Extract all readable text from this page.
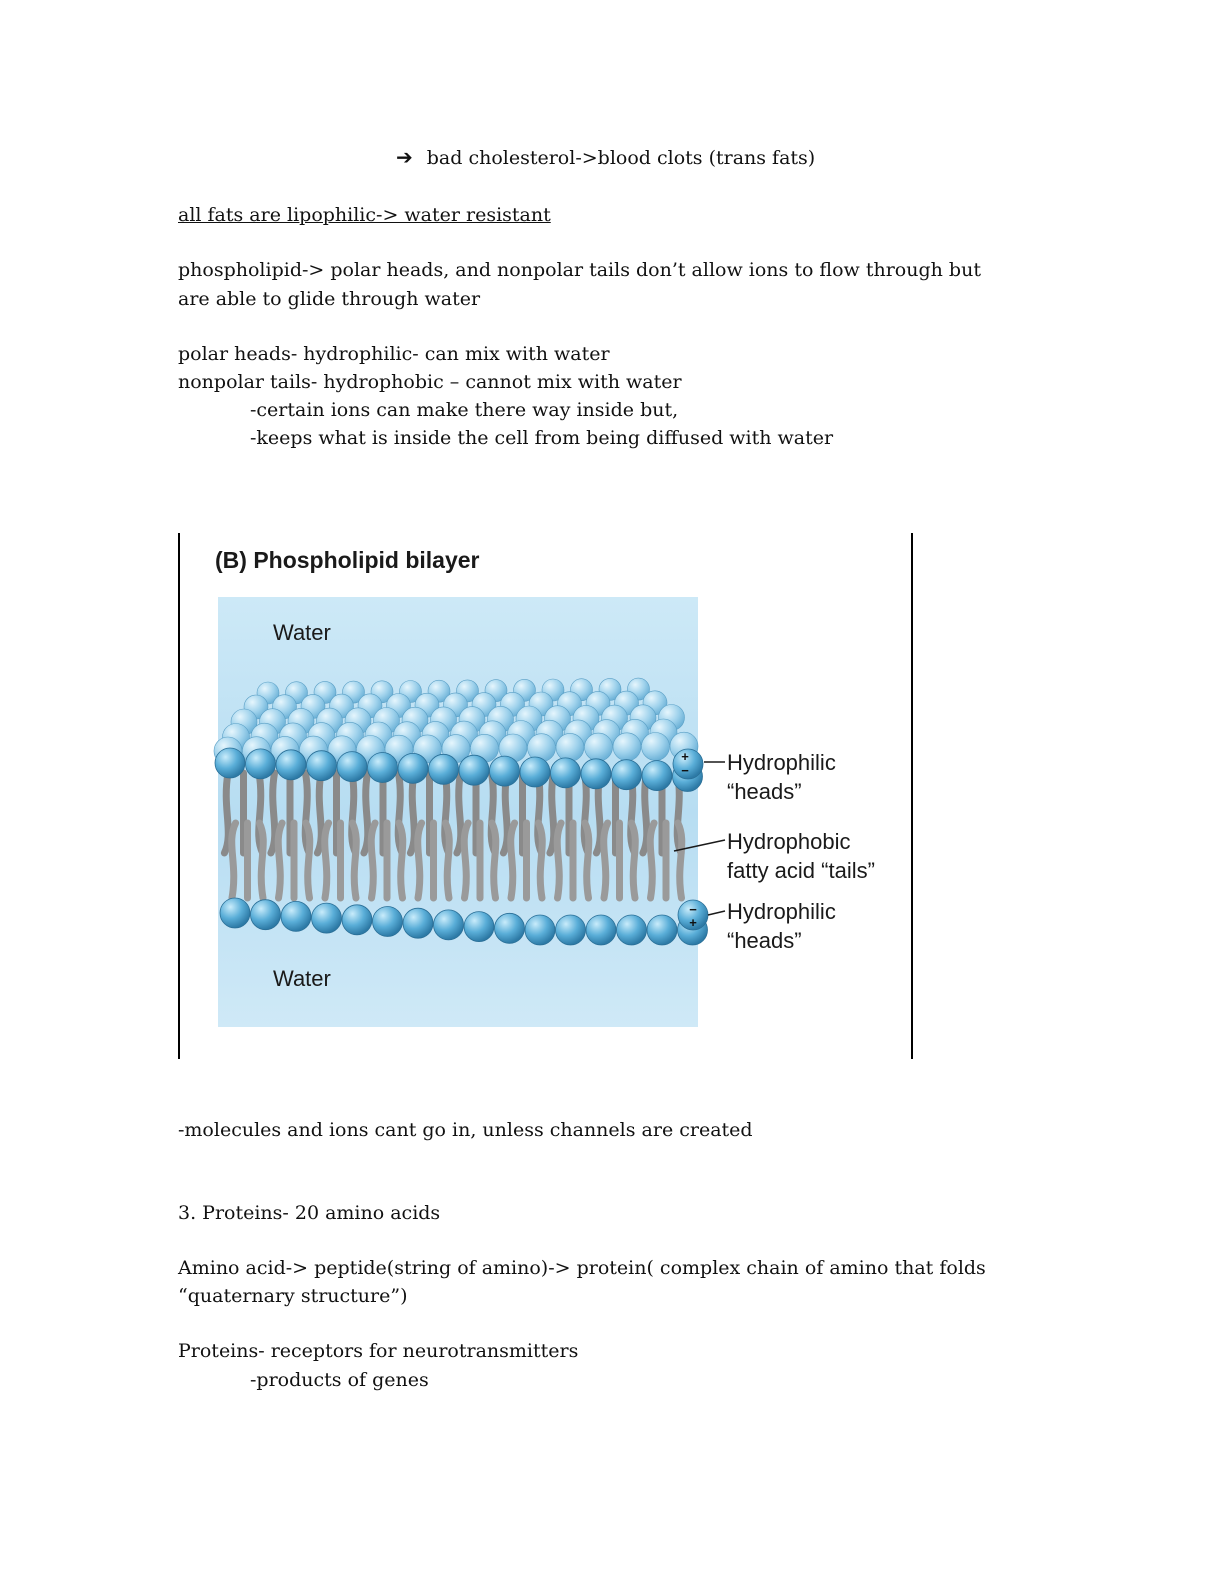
➔ bad cholesterol->blood clots (trans fats)
all fats are lipophilic-> water resistant
phospholipid-> polar heads, and nonpolar tails don’t allow ions to flow through but
are able to glide through water
polar heads- hydrophilic- can mix with water
nonpolar tails- hydrophobic – cannot mix with water
-certain ions can make there way inside but,
-keeps what is inside the cell from being diffused with water
+
−
−
+
(B) Phospholipid bilayer
Water
Water
Hydrophilic
“heads”
Hydrophobic
fatty acid “tails”
Hydrophilic
“heads”
-molecules and ions cant go in, unless channels are created
3. Proteins- 20 amino acids
Amino acid-> peptide(string of amino)-> protein( complex chain of amino that folds
“quaternary structure”)
Proteins- receptors for neurotransmitters
-products of genes
